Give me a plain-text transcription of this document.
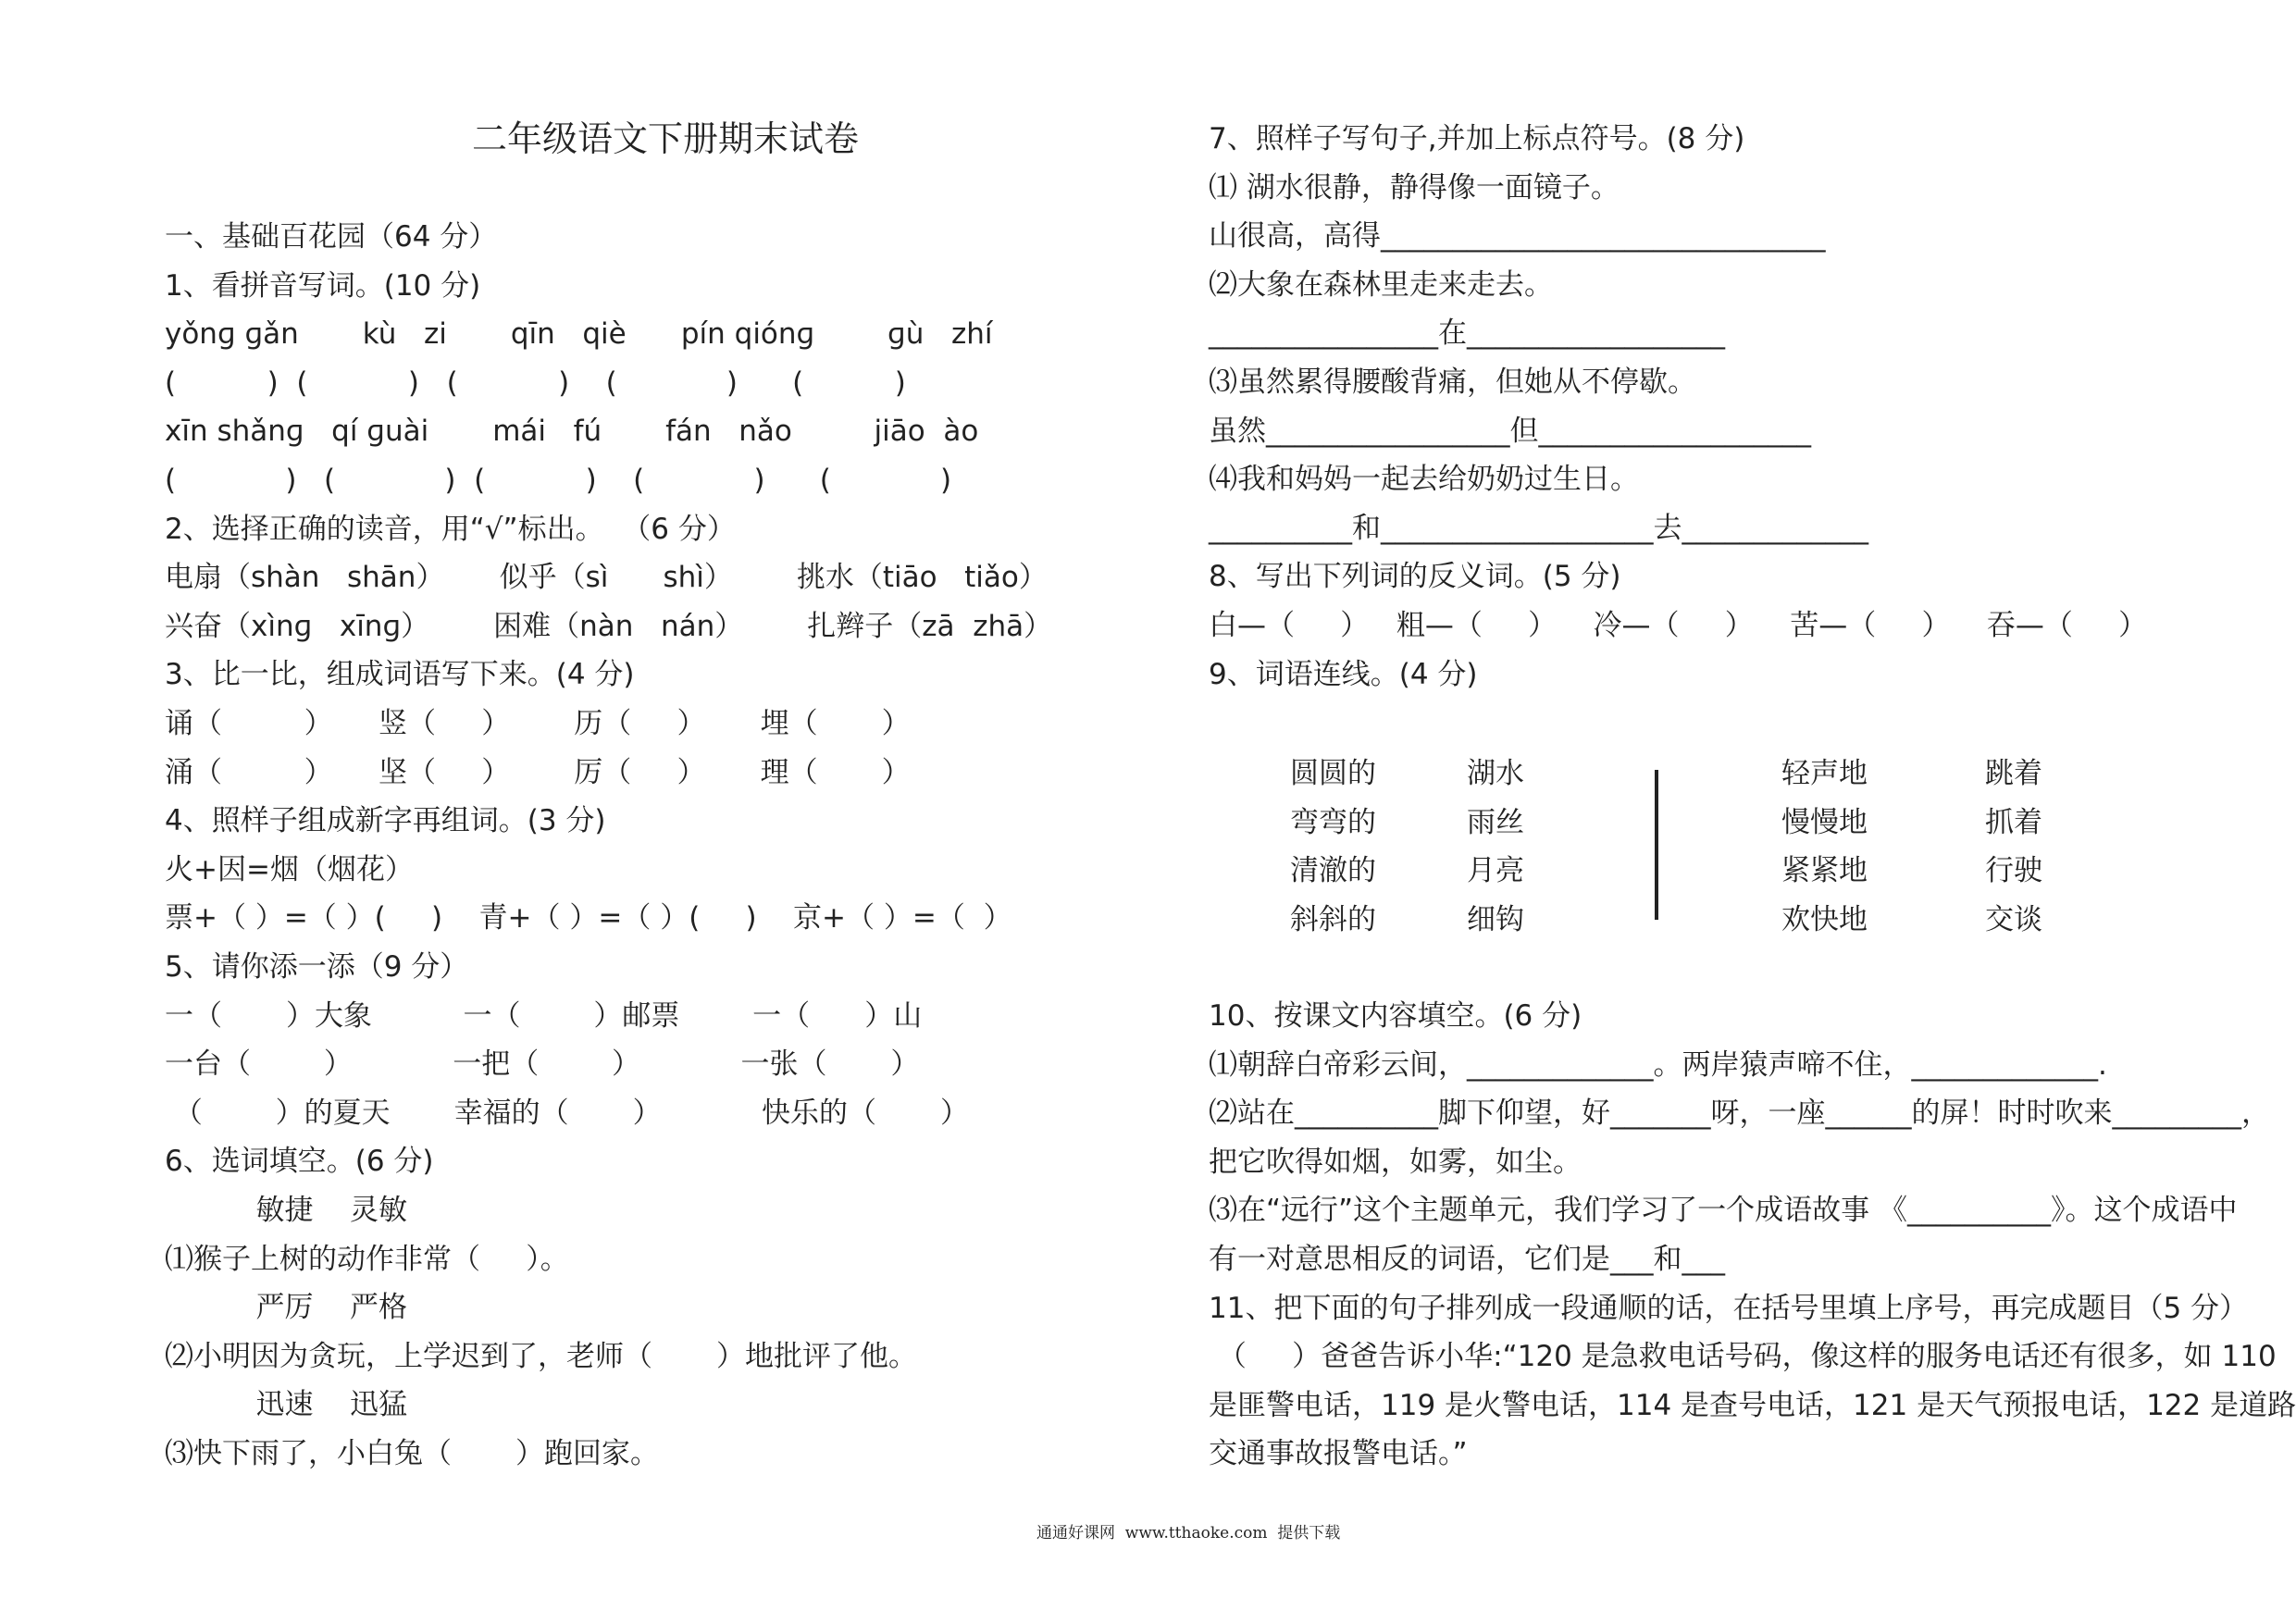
二年级语文下册期末试卷
一、基础百花园（64 分）
1、看拼音写词。(10 分)
yǒnɡ ɡǎn       kù   zi       qīn   qiè      pín qiónɡ        ɡù   zhí
(          )  (           )   (           )    (            )      (          )
xīn shǎnɡ   qí ɡuài       mái   fú       fán   nǎo         jiāo  ào
(            )   (            )  (           )    (            )      (            )
2、选择正确的读音，用“√”标出。  （6 分）
电扇（shàn   shān）      似乎（sì      shì）       挑水（tiāo   tiǎo）
兴奋（xìnɡ   xīnɡ）       困难（nàn   nán）       扎辫子（zā  zhā）
3、比一比，组成词语写下来。(4 分)
诵（         ）     竖（     ）       历（     ）      埋（       ）
涌（         ）     坚（     ）       厉（     ）      理（       ）
4、照样子组成新字再组词。(3 分)
火+因=烟（烟花）
票+（ ）=（ ）(     )    青+（ ）=（ ）(     )    京+（ ）=（  ）
5、请你添一添（9 分）
一（       ）大象          一（        ）邮票        一（      ）山
一台（        ）           一把（        ）           一张（       ）
（        ）的夏天       幸福的（       ）           快乐的（       ）
6、选词填空。(6 分)
敏捷    灵敏
⑴猴子上树的动作非常（     ）。
严厉    严格
⑵小明因为贪玩，上学迟到了，老师（       ）地批评了他。
迅速    迅猛
⑶快下雨了，小白兔（       ）跑回家。
7、照样子写句子,并加上标点符号。(8 分)
⑴ 湖水很静，静得像一面镜子。
山很高，高得_______________________________
⑵大象在森林里走来走去。
________________在__________________
⑶虽然累得腰酸背痛，但她从不停歇。
虽然_________________但___________________
⑷我和妈妈一起去给奶奶过生日。
__________和___________________去_____________
8、写出下列词的反义词。(5 分)
白—（     ）   粗—（     ）    冷—（     ）    苦—（     ）    吞—（     ）
9、词语连线。(4 分)
圆圆的
弯弯的
清澈的
斜斜的
湖水
雨丝
月亮
细钩
轻声地
慢慢地
紧紧地
欢快地
跳着
抓着
行驶
交谈
10、按课文内容填空。(6 分)
⑴朝辞白帝彩云间，_____________。两岸猿声啼不住，_____________.
⑵站在__________脚下仰望，好_______呀，一座______的屏！时时吹来_________，
把它吹得如烟，如雾，如尘。
⑶在“远行”这个主题单元，我们学习了一个成语故事 《__________》。这个成语中
有一对意思相反的词语，它们是___和___
11、把下面的句子排列成一段通顺的话，在括号里填上序号，再完成题目（5 分）
（     ）爸爸告诉小华:“120 是急救电话号码，像这样的服务电话还有很多，如 110
是匪警电话，119 是火警电话，114 是查号电话，121 是天气预报电话，122 是道路
交通事故报警电话。”
通通好课网  www.tthaoke.com  提供下载
